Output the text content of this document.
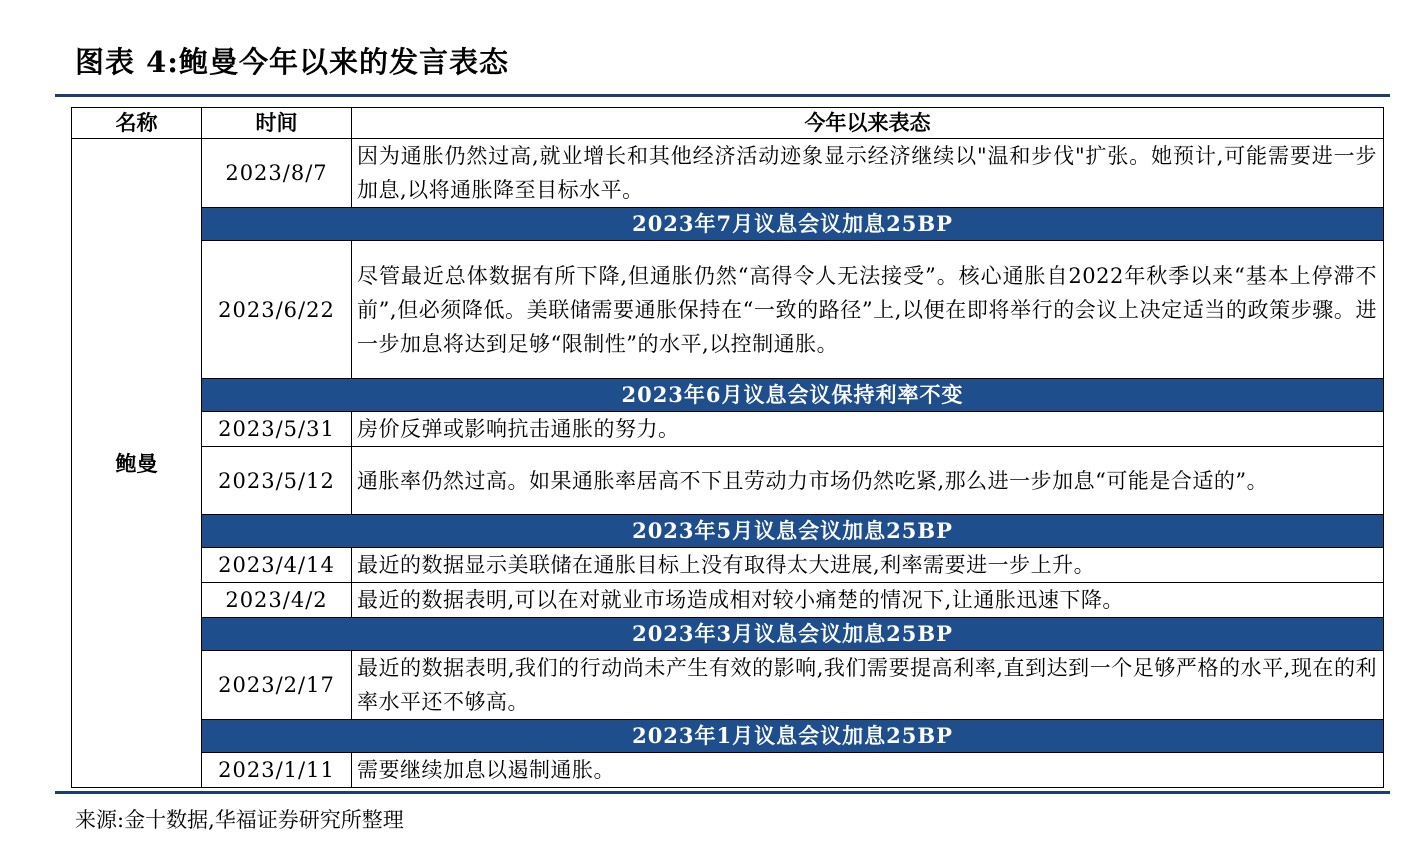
图表 4:鲍曼今年以来的发言表态
名称	时间	今年以来表态
鲍曼	2023/8/7	因为通胀仍然过高,就业增长和其他经济活动迹象显示经济继续以"温和步伐"扩张。她预计,可能需要进一步加息,以将通胀降至目标水平。
	2023年7月议息会议加息25BP	
	2023/6/22	尽管最近总体数据有所下降,但通胀仍然“高得令人无法接受”。核心通胀自2022年秋季以来“基本上停滞不前”,但必须降低。美联储需要通胀保持在“一致的路径”上,以便在即将举行的会议上决定适当的政策步骤。进一步加息将达到足够“限制性”的水平,以控制通胀。
	2023年6月议息会议保持利率不变	
	2023/5/31	房价反弹或影响抗击通胀的努力。
	2023/5/12	通胀率仍然过高。如果通胀率居高不下且劳动力市场仍然吃紧,那么进一步加息“可能是合适的”。
	2023年5月议息会议加息25BP	
	2023/4/14	最近的数据显示美联储在通胀目标上没有取得太大进展,利率需要进一步上升。
	2023/4/2	最近的数据表明,可以在对就业市场造成相对较小痛楚的情况下,让通胀迅速下降。
	2023年3月议息会议加息25BP	
	2023/2/17	最近的数据表明,我们的行动尚未产生有效的影响,我们需要提高利率,直到达到一个足够严格的水平,现在的利率水平还不够高。
	2023年1月议息会议加息25BP	
	2023/1/11	需要继续加息以遏制通胀。
来源:金十数据,华福证券研究所整理
